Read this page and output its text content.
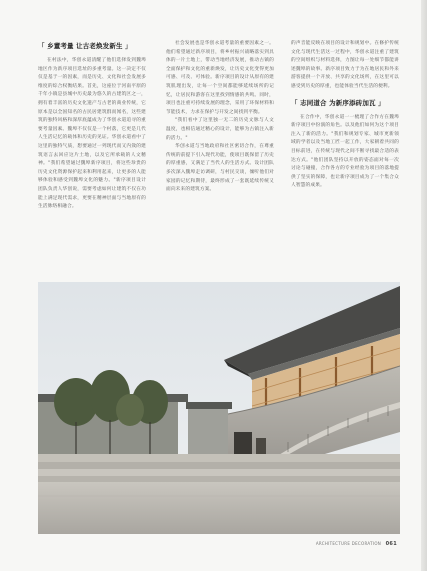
「 乡董考量 让古老焕发新生 」

在村法中，华创永道清醒了他们选择发到魏埠地区作为新序项目选址的多重考量。这一决定不仅仅是基于一的因素，而是历史、文化和社会发展多维度的综合权衡结果。首先，这座位于河南平原的千年小镇是县城中历史最为悠久的古建筑区之一，拥有着丰富的历史文化遗产与古老的商业传统，它原本是以全国知名的古民居建筑群而闻名，这些建筑的独特风格和深厚底蕴成为了华创永道追寻的重要考量因素。魏埠不仅仅是一个村落，它更是几代人生活记忆的载体和历史的见证。华创永道看中了这里的独特气质，想要通过一列现代而又内敛的建筑语言去回应这片土地，以及它所承载的人文精神。"我们希望通过魏埠新序项目，将这些珍贵的历史文化资源保护起来和利用起来，让更多的人能够体验和感受到魏埠文化的魅力。"新序项目设计团队负责人华创说，需要考虑如何让建筑不仅在功能上满足现代需求，更要在精神层面与当地原有的生活脉络相融合。

社会发展也是华创永道考量的重要因素之一。他们希望通过新序项目，将乡村振兴战略落实到具体的一片土地上，带动当地经济发展，推动古镇的全面保护和文化的重新焕发，让历史文化变得更加可感、可及、可体验。新序项目的设计从原有的建筑肌理出发，让每一个空间都能够延续场所的记忆，让居民和游客在这里找到情感的共鸣。同时，项目也注重可持续发展的理念，采用了环保材料和节能技术，力求在保护与开发之间找到平衡。

"我们看中了这里独一无二的历史文脉与人文温度，也相信通过精心的设计，能够为古镇注入新的活力。"

华创永道与当地政府和社区密切合作，在尊重传统的前提下引入现代功能，使项目既保留了历史的厚重感，又满足了当代人的生活方式。设计团队多次深入魏埠走访调研，与村民交谈，倾听他们对家园的记忆和期待，最终形成了一套既延续传统又面向未来的建筑方案。

的声音能反映在项目的设计和规划中。在修护传统文化与现代生活这一过程中，华创永道注重了建筑的空间组织与材料选择，力图让每一处细节都能讲述魏埠的故事。新序项目致力于为在地居民和外来游客提供一个开放、共享的文化场所，在这里可以感受到历史的厚重，也能体验当代生活的便利。

「 志同道合 为新序添砖加瓦 」

在合作中，华创永道一一梳理了合作方在魏埠新序项目中扮演的角色。以及他们如何为这个项目注入了新的活力。"我们和规划专家、城市更新领域的学者以及当地工匠一起工作，大家朝着共同的目标前进，在传统与现代之间不断寻找最合适的表达方式。"他们团队坚持以开放的姿态面对每一次讨论与碰撞，合作各方的专业经验为项目的落地提供了坚实的保障，也让新序项目成为了一个集合众人智慧的成果。

ARCHITECTURE DECORATION 061
